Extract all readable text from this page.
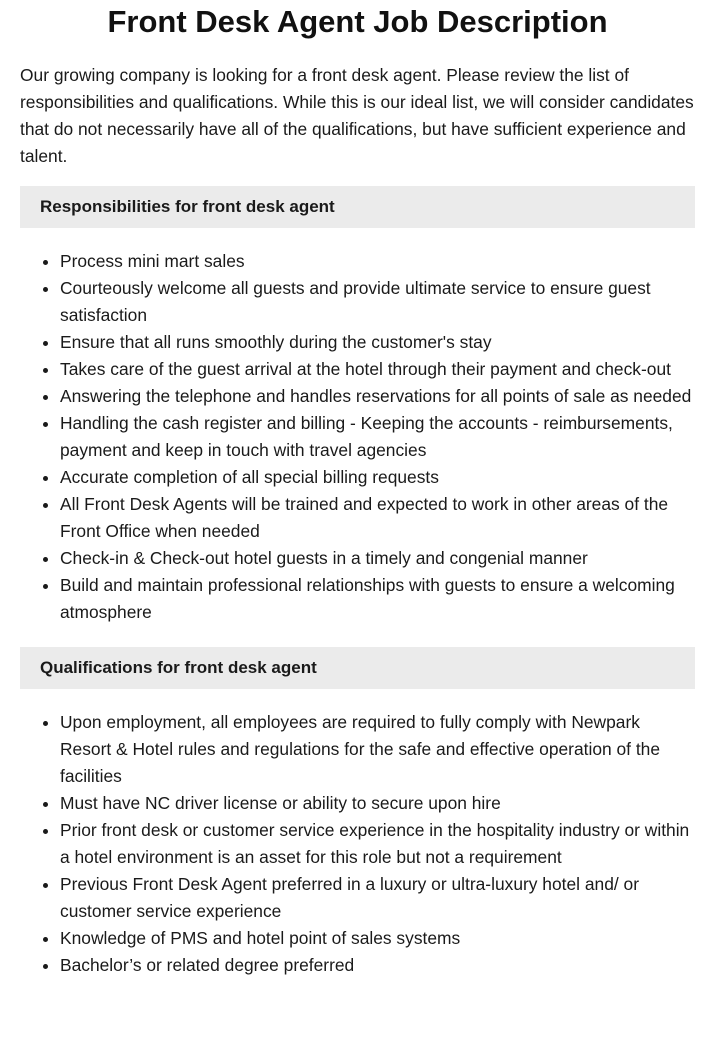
Front Desk Agent Job Description

Our growing company is looking for a front desk agent. Please review the list of responsibilities and qualifications. While this is our ideal list, we will consider candidates that do not necessarily have all of the qualifications, but have sufficient experience and talent.

Responsibilities for front desk agent
• Process mini mart sales
• Courteously welcome all guests and provide ultimate service to ensure guest satisfaction
• Ensure that all runs smoothly during the customer's stay
• Takes care of the guest arrival at the hotel through their payment and check-out
• Answering the telephone and handles reservations for all points of sale as needed
• Handling the cash register and billing - Keeping the accounts - reimbursements, payment and keep in touch with travel agencies
• Accurate completion of all special billing requests
• All Front Desk Agents will be trained and expected to work in other areas of the Front Office when needed
• Check-in & Check-out hotel guests in a timely and congenial manner
• Build and maintain professional relationships with guests to ensure a welcoming atmosphere
Qualifications for front desk agent
• Upon employment, all employees are required to fully comply with Newpark Resort & Hotel rules and regulations for the safe and effective operation of the facilities
• Must have NC driver license or ability to secure upon hire
• Prior front desk or customer service experience in the hospitality industry or within a hotel environment is an asset for this role but not a requirement
• Previous Front Desk Agent preferred in a luxury or ultra-luxury hotel and/ or customer service experience
• Knowledge of PMS and hotel point of sales systems
• Bachelor’s or related degree preferred
